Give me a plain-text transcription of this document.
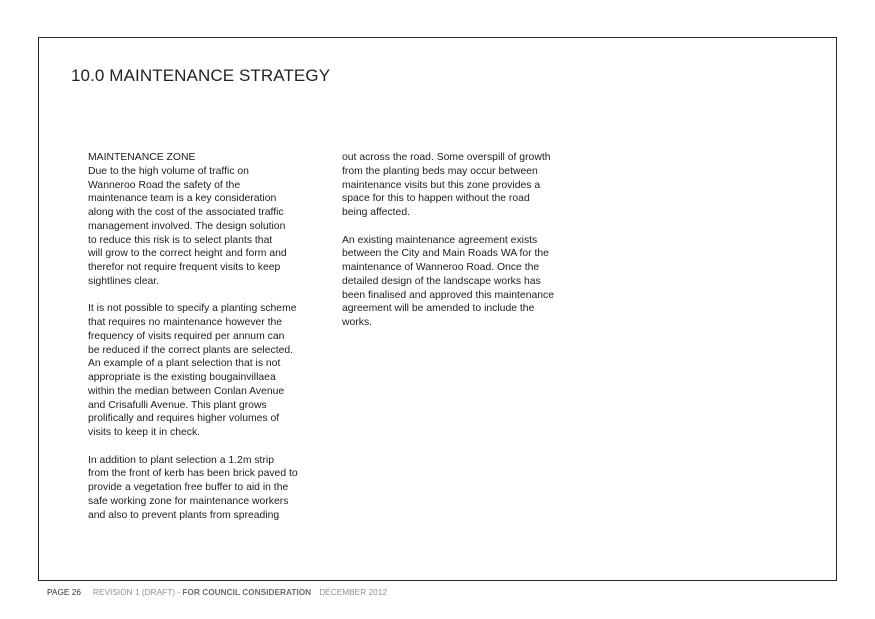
10.0 MAINTENANCE STRATEGY
MAINTENANCE ZONE
Due to the high volume of traffic on
Wanneroo Road the safety of the
maintenance team is a key consideration
along with the cost of the associated traffic
management involved. The design solution
to reduce this risk is to select plants that
will grow to the correct height and form and
therefor not require frequent visits to keep
sightlines clear.
It is not possible to specify a planting scheme
that requires no maintenance however the
frequency of visits required per annum can
be reduced if the correct plants are selected.
An example of a plant selection that is not
appropriate is the existing bougainvillaea
within the median between Conlan Avenue
and Crisafulli Avenue. This plant grows
prolifically and requires higher volumes of
visits to keep it in check.
In addition to plant selection a 1.2m strip
from the front of kerb has been brick paved to
provide a vegetation free buffer to aid in the
safe working zone for maintenance workers
and also to prevent plants from spreading
out across the road. Some overspill of growth
from the planting beds may occur between
maintenance visits but this zone provides a
space for this to happen without the road
being affected.
An existing maintenance agreement exists
between the City and Main Roads WA for the
maintenance of Wanneroo Road. Once the
detailed design of the landscape works has
been finalised and approved this maintenance
agreement will be amended to include the
works.
PAGE 26 REVISION 1 (DRAFT) - FOR COUNCIL CONSIDERATION DECEMBER 2012
